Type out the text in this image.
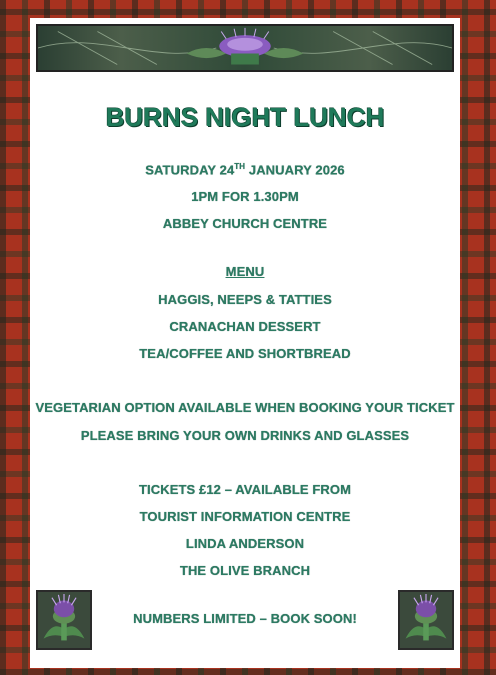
BURNS NIGHT LUNCH
SATURDAY 24TH JANUARY 2026
1PM FOR 1.30PM
ABBEY CHURCH CENTRE
MENU
HAGGIS, NEEPS & TATTIES
CRANACHAN DESSERT
TEA/COFFEE AND SHORTBREAD
VEGETARIAN OPTION AVAILABLE WHEN BOOKING YOUR TICKET
PLEASE BRING YOUR OWN DRINKS AND GLASSES
TICKETS £12 – AVAILABLE FROM
TOURIST INFORMATION CENTRE
LINDA ANDERSON
THE OLIVE BRANCH
NUMBERS LIMITED – BOOK SOON!
